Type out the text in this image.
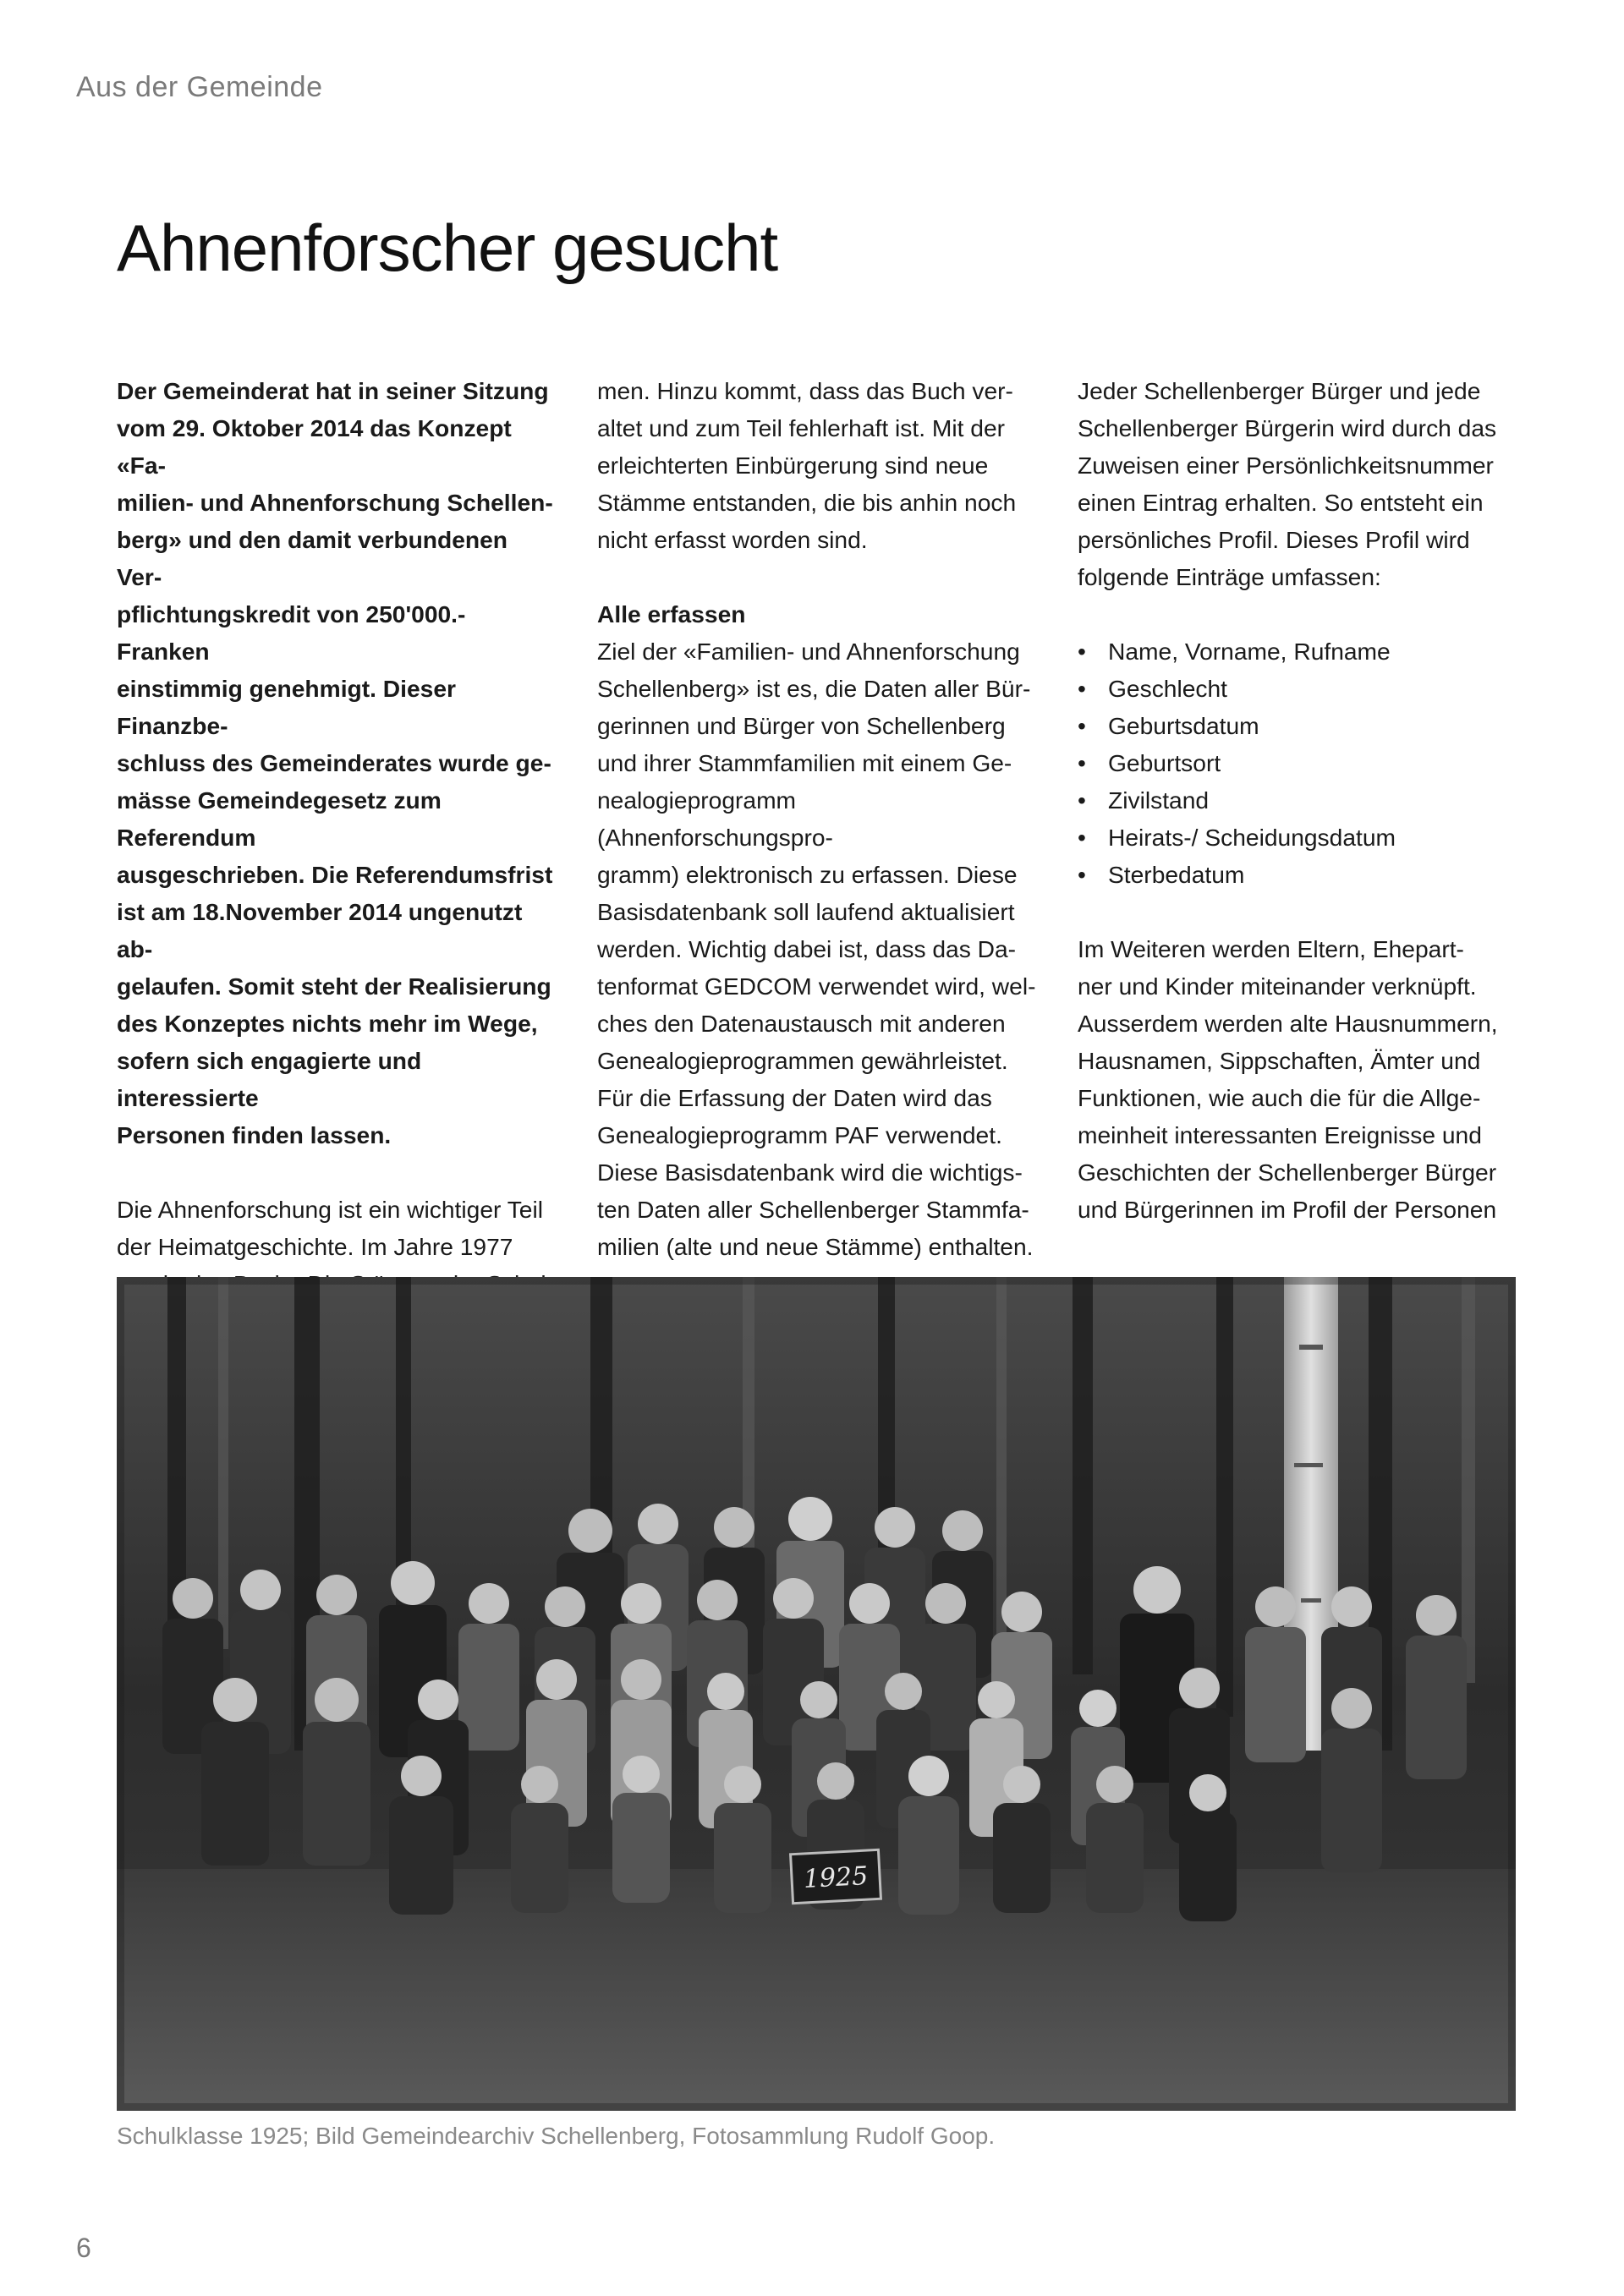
Aus der Gemeinde
Ahnenforscher gesucht
Der Gemeinderat hat in seiner Sitzung
vom 29. Oktober 2014 das Konzept «Fa-
milien- und Ahnenforschung Schellen-
berg» und den damit verbundenen Ver-
pflichtungskredit von 250'000.- Franken
einstimmig genehmigt. Dieser Finanzbe-
schluss des Gemeinderates wurde ge-
mässe Gemeindegesetz zum Referendum
ausgeschrieben. Die Referendumsfrist
ist am 18.November 2014 ungenutzt ab-
gelaufen. Somit steht der Realisierung
des Konzeptes nichts mehr im Wege,
sofern sich engagierte und interessierte
Personen finden lassen.
Die Ahnenforschung ist ein wichtiger Teil
der Heimatgeschichte. Im Jahre 1977
men. Hinzu kommt, dass das Buch ver-
altet und zum Teil fehlerhaft ist. Mit der
erleichterten Einbürgerung sind neue
Stämme entstanden, die bis anhin noch
nicht erfasst worden sind.
Alle erfassen
Ziel der «Familien- und Ahnenforschung
Schellenberg» ist es, die Daten aller Bür-
gerinnen und Bürger von Schellenberg
und ihrer Stammfamilien mit einem Ge-
nealogieprogramm (Ahnenforschungspro-
gramm) elektronisch zu erfassen. Diese
Basisdatenbank soll laufend aktualisiert
werden. Wichtig dabei ist, dass das Da-
tenformat GEDCOM verwendet wird, wel-
ches den Datenaustausch mit anderen
Genealogieprogrammen gewährleistet.
Für die Erfassung der Daten wird das
Genealogieprogramm PAF verwendet.
Diese Basisdatenbank wird die wichtigs-
ten Daten aller Schellenberger Stammfa-
milien (alte und neue Stämme) enthalten.
Jeder Schellenberger Bürger und jede
Schellenberger Bürgerin wird durch das
Zuweisen einer Persönlichkeitsnummer
einen Eintrag erhalten. So entsteht ein
persönliches Profil. Dieses Profil wird
folgende Einträge umfassen:
• Name, Vorname, Rufname
• Geschlecht
• Geburtsdatum
• Geburtsort
• Zivilstand
• Heirats-/ Scheidungsdatum
• Sterbedatum
Im Weiteren werden Eltern, Ehepart-
ner und Kinder miteinander verknüpft.
Ausserdem werden alte Hausnummern,
Hausnamen, Sippschaften, Ämter und
Funktionen, wie auch die für die Allge-
meinheit interessanten Ereignisse und
Geschichten der Schellenberger Bürger
und Bürgerinnen im Profil der Personen
1925
Schulklasse 1925; Bild Gemeindearchiv Schellenberg, Fotosammlung Rudolf Goop.
6
